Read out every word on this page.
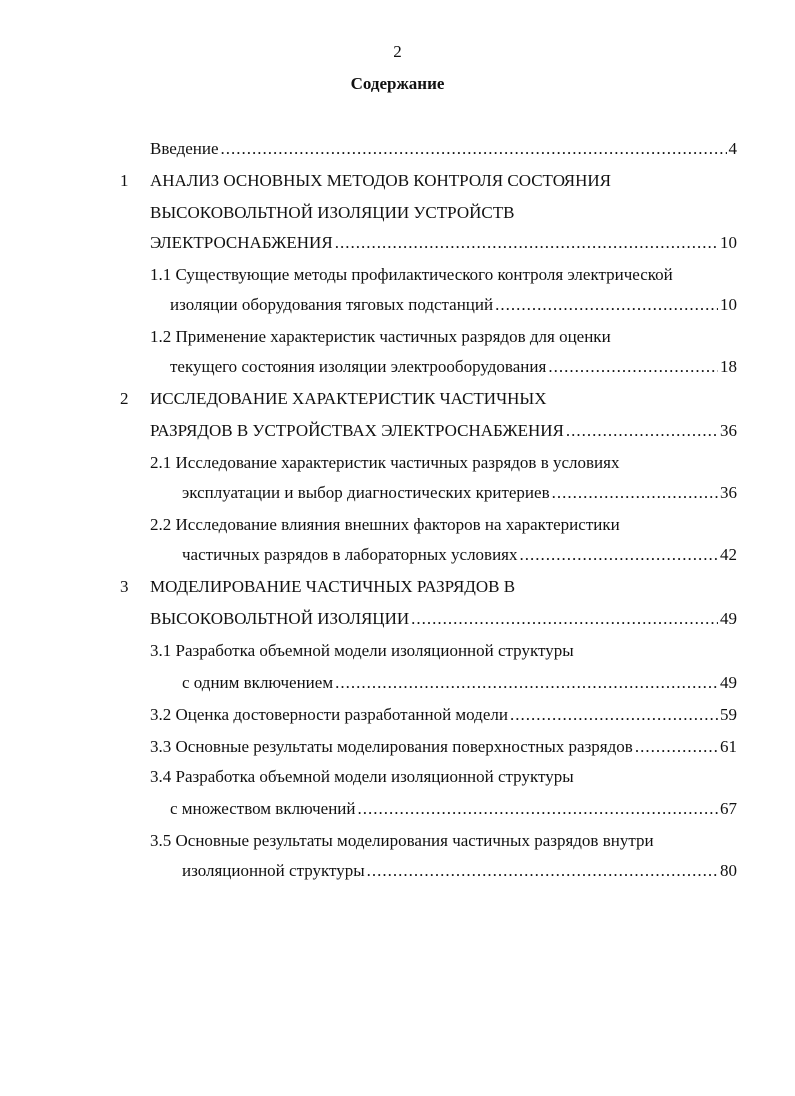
2
Содержание
Введение .....	4
1 АНАЛИЗ ОСНОВНЫХ МЕТОДОВ КОНТРОЛЯ СОСТОЯНИЯ
ВЫСОКОВОЛЬТНОЙ ИЗОЛЯЦИИ УСТРОЙСТВ
ЭЛЕКТРОСНАБЖЕНИЯ .....	10
1.1 Существующие методы профилактического контроля электрической
изоляции оборудования тяговых подстанций .....	10
1.2 Применение характеристик частичных разрядов для оценки
текущего состояния изоляции электрооборудования .....	18
2 ИССЛЕДОВАНИЕ ХАРАКТЕРИСТИК ЧАСТИЧНЫХ
РАЗРЯДОВ В УСТРОЙСТВАХ ЭЛЕКТРОСНАБЖЕНИЯ .....	36
2.1 Исследование характеристик частичных разрядов в условиях
эксплуатации и выбор диагностических критериев .....	36
2.2 Исследование влияния внешних факторов на характеристики
частичных разрядов в лабораторных условиях .....	42
3 МОДЕЛИРОВАНИЕ ЧАСТИЧНЫХ РАЗРЯДОВ В
ВЫСОКОВОЛЬТНОЙ ИЗОЛЯЦИИ .....	49
3.1 Разработка объемной модели изоляционной структуры
с одним включением .....	49
3.2 Оценка достоверности разработанной модели .....	59
3.3 Основные результаты моделирования поверхностных разрядов .....	61
3.4 Разработка объемной модели изоляционной структуры
с множеством включений .....	67
3.5 Основные результаты моделирования частичных разрядов внутри
изоляционной структуры .....	80
